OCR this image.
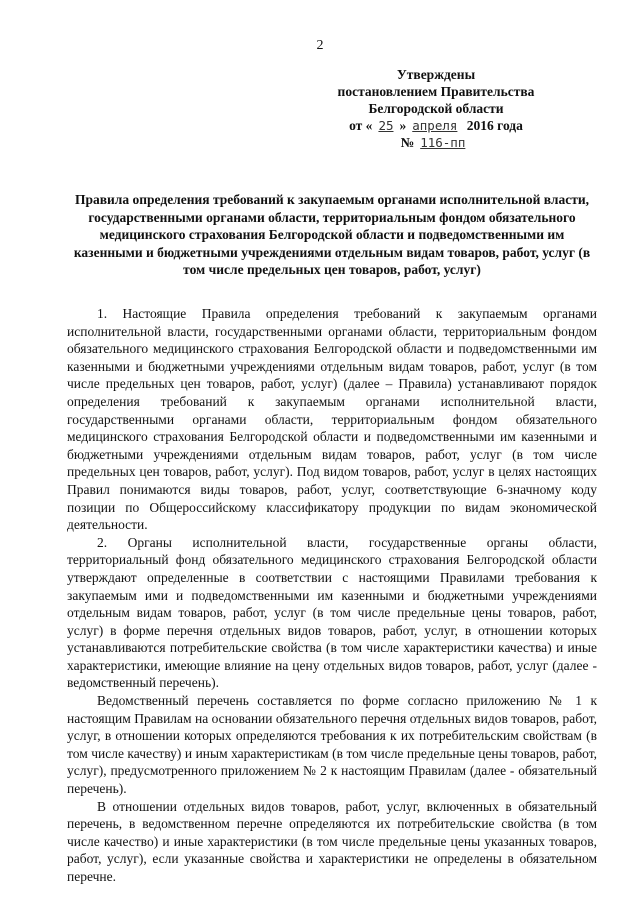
2
Утверждены
постановлением Правительства
Белгородской области
от « 25 » апреля 2016 года
№ 116-пп
Правила определения требований к закупаемым органами исполнительной власти, государственными органами области, территориальным фондом обязательного медицинского страхования Белгородской области и подведомственными им казенными и бюджетными учреждениями отдельным видам товаров, работ, услуг (в том числе предельных цен товаров, работ, услуг)

1. Настоящие Правила определения требований к закупаемым органами исполнительной власти, государственными органами области, территориальным фондом обязательного медицинского страхования Белгородской области и подведомственными им казенными и бюджетными учреждениями отдельным видам товаров, работ, услуг (в том числе предельных цен товаров, работ, услуг) (далее – Правила) устанавливают порядок определения требований к закупаемым органами исполнительной власти, государственными органами области, территориальным фондом обязательного медицинского страхования Белгородской области и подведомственными им казенными и бюджетными учреждениями отдельным видам товаров, работ, услуг (в том числе предельных цен товаров, работ, услуг). Под видом товаров, работ, услуг в целях настоящих Правил понимаются виды товаров, работ, услуг, соответствующие 6-значному коду позиции по Общероссийскому классификатору продукции по видам экономической деятельности.

2. Органы исполнительной власти, государственные органы области, территориальный фонд обязательного медицинского страхования Белгородской области утверждают определенные в соответствии с настоящими Правилами требования к закупаемым ими и подведомственными им казенными и бюджетными учреждениями отдельным видам товаров, работ, услуг (в том числе предельные цены товаров, работ, услуг) в форме перечня отдельных видов товаров, работ, услуг, в отношении которых устанавливаются потребительские свойства (в том числе характеристики качества) и иные характеристики, имеющие влияние на цену отдельных видов товаров, работ, услуг (далее - ведомственный перечень).

Ведомственный перечень составляется по форме согласно приложению № 1 к настоящим Правилам на основании обязательного перечня отдельных видов товаров, работ, услуг, в отношении которых определяются требования к их потребительским свойствам (в том числе качеству) и иным характеристикам (в том числе предельные цены товаров, работ, услуг), предусмотренного приложением № 2 к настоящим Правилам (далее - обязательный перечень).

В отношении отдельных видов товаров, работ, услуг, включенных в обязательный перечень, в ведомственном перечне определяются их потребительские свойства (в том числе качество) и иные характеристики (в том числе предельные цены указанных товаров, работ, услуг), если указанные свойства и характеристики не определены в обязательном перечне.
